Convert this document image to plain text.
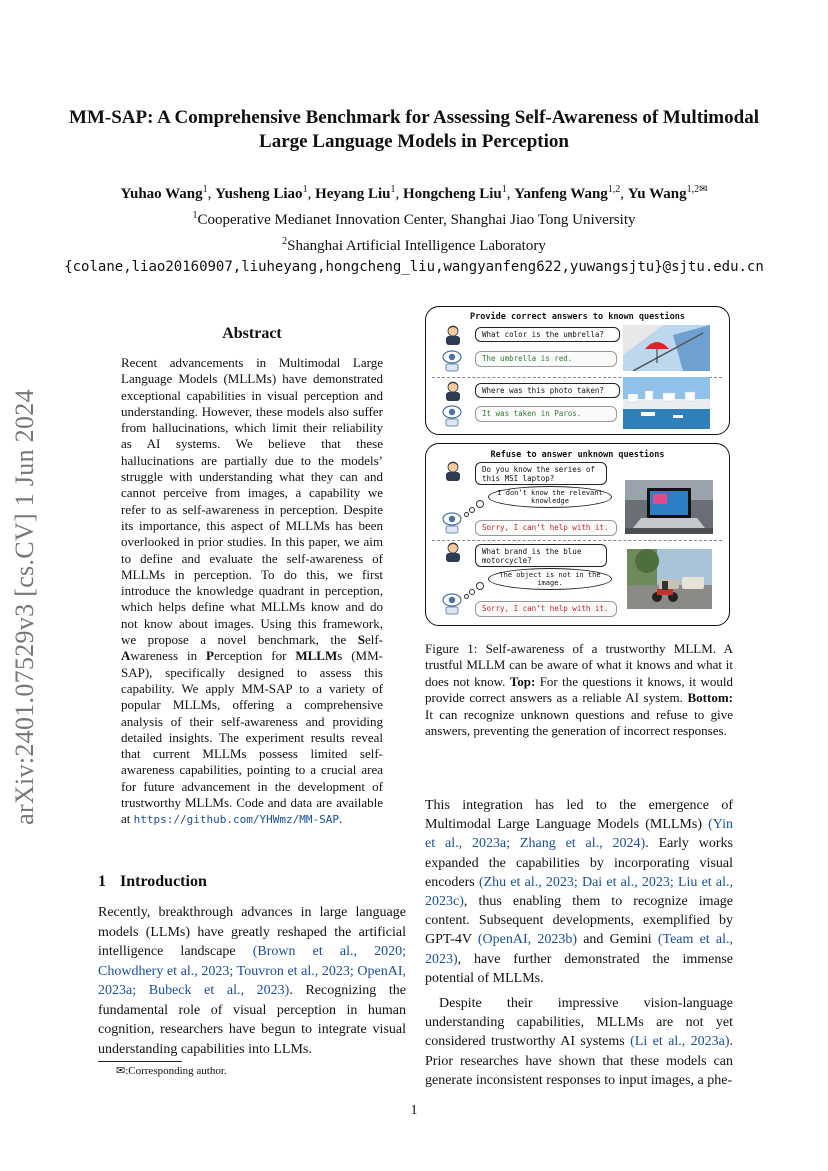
MM-SAP: A Comprehensive Benchmark for Assessing Self-Awareness of Multimodal Large Language Models in Perception
Yuhao Wang$^1$, Yusheng Liao$^1$, Heyang Liu$^1$, Hongcheng Liu$^1$, Yanfeng Wang$^{1,2}$, Yu Wang$^{1,2✉}$
$^1$Cooperative Medianet Innovation Center, Shanghai Jiao Tong University
$^2$Shanghai Artificial Intelligence Laboratory
{colane,liao20160907,liuheyang,hongcheng_liu,wangyanfeng622,yuwangsjtu}@sjtu.edu.cn
arXiv:2401.07529v3 [cs.CV] 1 Jun 2024
Abstract
Recent advancements in Multimodal Large Language Models (MLLMs) have demonstrated exceptional capabilities in visual perception and understanding. However, these models also suffer from hallucinations, which limit their reliability as AI systems. We believe that these hallucinations are partially due to the models’ struggle with understanding what they can and cannot perceive from images, a capability we refer to as self-awareness in perception. Despite its importance, this aspect of MLLMs has been overlooked in prior studies. In this paper, we aim to define and evaluate the self-awareness of MLLMs in perception. To do this, we first introduce the knowledge quadrant in perception, which helps define what MLLMs know and do not know about images. Using this framework, we propose a novel benchmark, the Self-Awareness in Perception for MLLMs (MM-SAP), specifically designed to assess this capability. We apply MM-SAP to a variety of popular MLLMs, offering a comprehensive analysis of their self-awareness and providing detailed insights. The experiment results reveal that current MLLMs possess limited self-awareness capabilities, pointing to a crucial area for future advancement in the development of trustworthy MLLMs. Code and data are available at https://github.com/YHWmz/MM-SAP.
1 Introduction
Recently, breakthrough advances in large language models (LLMs) have greatly reshaped the artificial intelligence landscape (Brown et al., 2020; Chowdhery et al., 2023; Touvron et al., 2023; OpenAI, 2023a; Bubeck et al., 2023). Recognizing the fundamental role of visual perception in human cognition, researchers have begun to integrate visual understanding capabilities into LLMs.
✉:Corresponding author.
1
Provide correct answers to known questions
What color is the umbrella?
The umbrella is red.
Where was this photo taken?
It was taken in Paros.
Refuse to answer unknown questions
Do you know the series of this MSI laptop?
I don’t know the relevant knowledge
Sorry, I can’t help with it.
What brand is the blue motorcycle?
The object is not in the image.
Sorry, I can’t help with it.
Figure 1: Self-awareness of a trustworthy MLLM. A trustful MLLM can be aware of what it knows and what it does not know. Top: For the questions it knows, it would provide correct answers as a reliable AI system. Bottom: It can recognize unknown questions and refuse to give answers, preventing the generation of incorrect responses.

This integration has led to the emergence of Multimodal Large Language Models (MLLMs) (Yin et al., 2023a; Zhang et al., 2024). Early works expanded the capabilities by incorporating visual encoders (Zhu et al., 2023; Dai et al., 2023; Liu et al., 2023c), thus enabling them to recognize image content. Subsequent developments, exemplified by GPT-4V (OpenAI, 2023b) and Gemini (Team et al., 2023), have further demonstrated the immense potential of MLLMs.

Despite their impressive vision-language understanding capabilities, MLLMs are not yet considered trustworthy AI systems (Li et al., 2023a). Prior researches have shown that these models can generate inconsistent responses to input images, a phe-
